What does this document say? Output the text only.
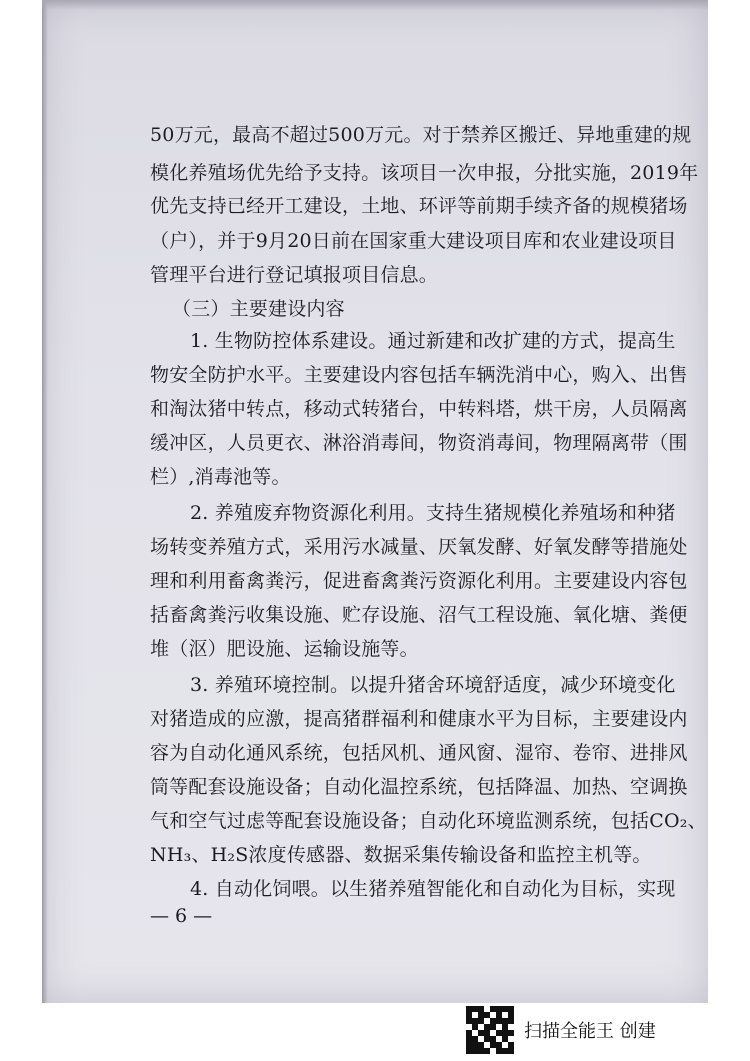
50万元，最高不超过500万元。对于禁养区搬迁、异地重建的规
模化养殖场优先给予支持。该项目一次申报，分批实施，2019年
优先支持已经开工建设，土地、环评等前期手续齐备的规模猪场
（户），并于9月20日前在国家重大建设项目库和农业建设项目
管理平台进行登记填报项目信息。
（三）主要建设内容
1. 生物防控体系建设。通过新建和改扩建的方式，提高生
物安全防护水平。主要建设内容包括车辆洗消中心，购入、出售
和淘汰猪中转点，移动式转猪台，中转料塔，烘干房，人员隔离
缓冲区，人员更衣、淋浴消毒间，物资消毒间，物理隔离带（围
栏）,消毒池等。
2. 养殖废弃物资源化利用。支持生猪规模化养殖场和种猪
场转变养殖方式，采用污水减量、厌氧发酵、好氧发酵等措施处
理和利用畜禽粪污，促进畜禽粪污资源化利用。主要建设内容包
括畜禽粪污收集设施、贮存设施、沼气工程设施、氧化塘、粪便
堆（沤）肥设施、运输设施等。
3. 养殖环境控制。以提升猪舍环境舒适度，减少环境变化
对猪造成的应激，提高猪群福利和健康水平为目标，主要建设内
容为自动化通风系统，包括风机、通风窗、湿帘、卷帘、进排风
筒等配套设施设备；自动化温控系统，包括降温、加热、空调换
气和空气过虑等配套设施设备；自动化环境监测系统，包括CO₂、
NH₃、H₂S浓度传感器、数据采集传输设备和监控主机等。
4. 自动化饲喂。以生猪养殖智能化和自动化为目标，实现
— 6 —
扫描全能王 创建
